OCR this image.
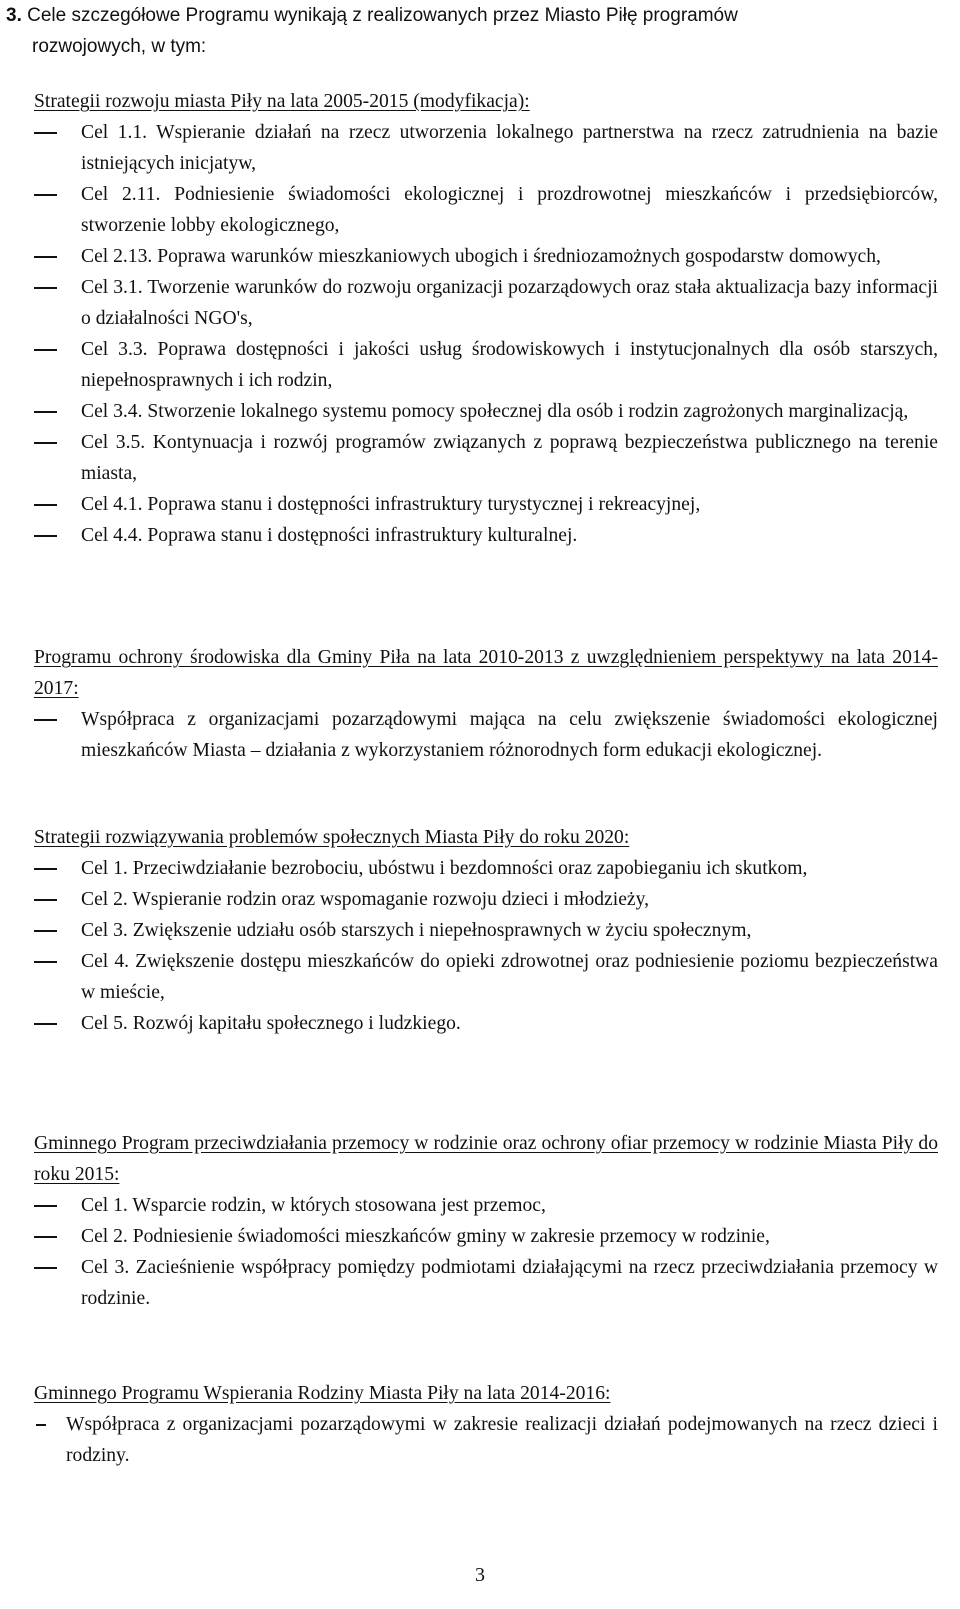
3. Cele szczegółowe Programu wynikają z realizowanych przez Miasto Piłę programów
rozwojowych, w tym:

Strategii rozwoju miasta Piły na lata 2005-2015 (modyfikacja):

Cel 1.1. Wspieranie działań na rzecz utworzenia lokalnego partnerstwa na rzecz zatrudnienia na bazie istniejących inicjatyw,
Cel 2.11. Podniesienie świadomości ekologicznej i prozdrowotnej mieszkańców i przedsiębiorców, stworzenie lobby ekologicznego,
Cel 2.13. Poprawa warunków mieszkaniowych ubogich i średniozamożnych gospodarstw domowych,
Cel 3.1. Tworzenie warunków do rozwoju organizacji pozarządowych oraz stała aktualizacja bazy informacji o działalności NGO's,
Cel 3.3. Poprawa dostępności i jakości usług środowiskowych i instytucjonalnych dla osób starszych, niepełnosprawnych i ich rodzin,
Cel 3.4. Stworzenie lokalnego systemu pomocy społecznej dla osób i rodzin zagrożonych marginalizacją,
Cel 3.5. Kontynuacja i rozwój programów związanych z poprawą bezpieczeństwa publicznego na terenie miasta,
Cel 4.1. Poprawa stanu i dostępności infrastruktury turystycznej i rekreacyjnej,
Cel 4.4. Poprawa stanu i dostępności infrastruktury kulturalnej.

Programu ochrony środowiska dla Gminy Piła na lata 2010-2013 z uwzględnieniem perspektywy na lata 2014-2017:

Współpraca z organizacjami pozarządowymi mająca na celu zwiększenie świadomości ekologicznej mieszkańców Miasta – działania z wykorzystaniem różnorodnych form edukacji ekologicznej.

Strategii rozwiązywania problemów społecznych Miasta Piły do roku 2020:

Cel 1. Przeciwdziałanie bezrobociu, ubóstwu i bezdomności oraz zapobieganiu ich skutkom,
Cel 2. Wspieranie rodzin oraz wspomaganie rozwoju dzieci i młodzieży,
Cel 3. Zwiększenie udziału osób starszych i niepełnosprawnych w życiu społecznym,
Cel 4. Zwiększenie dostępu mieszkańców do opieki zdrowotnej oraz podniesienie poziomu bezpieczeństwa w mieście,
Cel 5. Rozwój kapitału społecznego i ludzkiego.

Gminnego Program przeciwdziałania przemocy w rodzinie oraz ochrony ofiar przemocy w rodzinie Miasta Piły do roku 2015:

Cel 1. Wsparcie rodzin, w których stosowana jest przemoc,
Cel 2. Podniesienie świadomości mieszkańców gminy w zakresie przemocy w rodzinie,
Cel 3. Zacieśnienie współpracy pomiędzy podmiotami działającymi na rzecz przeciwdziałania przemocy w rodzinie.

Gminnego Programu Wspierania Rodziny Miasta Piły na lata 2014-2016:

Współpraca z organizacjami pozarządowymi w zakresie realizacji działań podejmowanych na rzecz dzieci i rodziny.
3
